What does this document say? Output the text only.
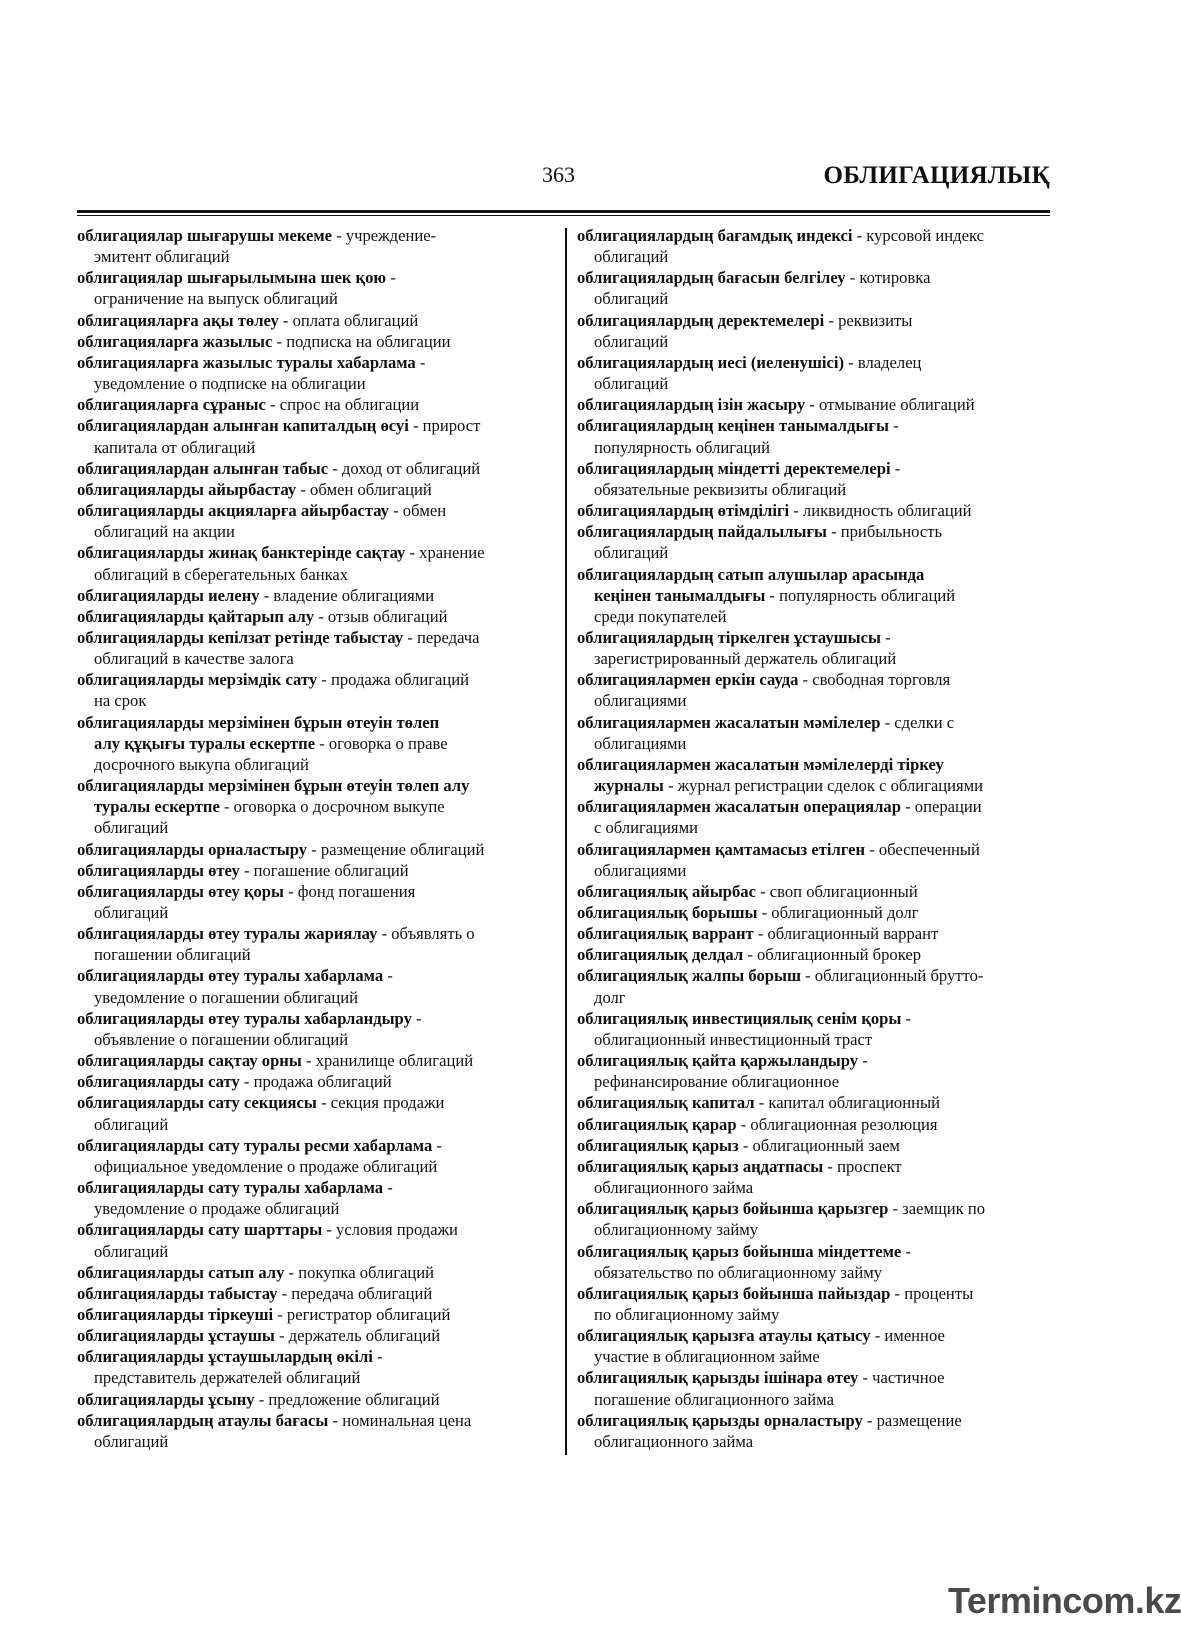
363	ОБЛИГАЦИЯЛЫҚ
облигациялар шығарушы мекеме - учреждение-
эмитент облигаций
облигациялар шығарылымына шек қою -
ограничение на выпуск облигаций
облигацияларға ақы төлеу - оплата облигаций
облигацияларға жазылыс - подписка на облигации
облигацияларға жазылыс туралы хабарлама -
уведомление о подписке на облигации
облигацияларға сұраныс - спрос на облигации
облигациялардан алынған капиталдың өсуі - прирост
капитала от облигаций
облигациялардан алынған табыс - доход от облигаций
облигацияларды айырбастау - обмен облигаций
облигацияларды акцияларға айырбастау - обмен
облигаций на акции
облигацияларды жинақ банктерінде сақтау - хранение
облигаций в сберегательных банках
облигацияларды иелену - владение облигациями
облигацияларды қайтарып алу - отзыв облигаций
облигацияларды кепілзат ретінде табыстау - передача
облигаций в качестве залога
облигацияларды мерзімдік сату - продажа облигаций
на срок
облигацияларды мерзімінен бұрын өтеуін төлеп
алу құқығы туралы ескертпе - оговорка о праве
досрочного выкупа облигаций
облигацияларды мерзімінен бұрын өтеуін төлеп алу
туралы ескертпе - оговорка о досрочном выкупе
облигаций
облигацияларды орналастыру - размещение облигаций
облигацияларды өтеу - погашение облигаций
облигацияларды өтеу қоры - фонд погашения
облигаций
облигацияларды өтеу туралы жариялау - объявлять о
погашении облигаций
облигацияларды өтеу туралы хабарлама -
уведомление о погашении облигаций
облигацияларды өтеу туралы хабарландыру -
объявление о погашении облигаций
облигацияларды сақтау орны - хранилище облигаций
облигацияларды сату - продажа облигаций
облигацияларды сату секциясы - секция продажи
облигаций
облигацияларды сату туралы ресми хабарлама -
официальное уведомление о продаже облигаций
облигацияларды сату туралы хабарлама -
уведомление о продаже облигаций
облигацияларды сату шарттары - условия продажи
облигаций
облигацияларды сатып алу - покупка облигаций
облигацияларды табыстау - передача облигаций
облигацияларды тіркеуші - регистратор облигаций
облигацияларды ұстаушы - держатель облигаций
облигацияларды ұстаушылардың өкілі -
представитель держателей облигаций
облигацияларды ұсыну - предложение облигаций
облигациялардың атаулы бағасы - номинальная цена
облигаций
облигациялардың бағамдық индексі - курсовой индекс
облигаций
облигациялардың бағасын белгілеу - котировка
облигаций
облигациялардың деректемелері - реквизиты
облигаций
облигациялардың иесі (иеленушісі) - владелец
облигаций
облигациялардың ізін жасыру - отмывание облигаций
облигациялардың кеңінен танымалдығы -
популярность облигаций
облигациялардың міндетті деректемелері -
обязательные реквизиты облигаций
облигациялардың өтімділігі - ликвидность облигаций
облигациялардың пайдалылығы - прибыльность
облигаций
облигациялардың сатып алушылар арасында
кеңінен танымалдығы - популярность облигаций
среди покупателей
облигациялардың тіркелген ұстаушысы -
зарегистрированный держатель облигаций
облигациялармен еркін сауда - свободная торговля
облигациями
облигациялармен жасалатын мәмілелер - сделки с
облигациями
облигациялармен жасалатын мәмілелерді тіркеу
журналы - журнал регистрации сделок с облигациями
облигациялармен жасалатын операциялар - операции
с облигациями
облигациялармен қамтамасыз етілген - обеспеченный
облигациями
облигациялық айырбас - своп облигационный
облигациялық борышы - облигационный долг
облигациялық варрант - облигационный варрант
облигациялық делдал - облигационный брокер
облигациялық жалпы борыш - облигационный брутто-
долг
облигациялық инвестициялық сенім қоры -
облигационный инвестиционный траст
облигациялық қайта қаржыландыру -
рефинансирование облигационное
облигациялық капитал - капитал облигационный
облигациялық қарар - облигационная резолюция
облигациялық қарыз - облигационный заем
облигациялық қарыз аңдатпасы - проспект
облигационного займа
облигациялық қарыз бойынша қарызгер - заемщик по
облигационному займу
облигациялық қарыз бойынша міндеттеме -
обязательство по облигационному займу
облигациялық қарыз бойынша пайыздар - проценты
по облигационному займу
облигациялық қарызға атаулы қатысу - именное
участие в облигационном займе
облигациялық қарызды ішінара өтеу - частичное
погашение облигационного займа
облигациялық қарызды орналастыру - размещение
облигационного займа
Termincom.kz
